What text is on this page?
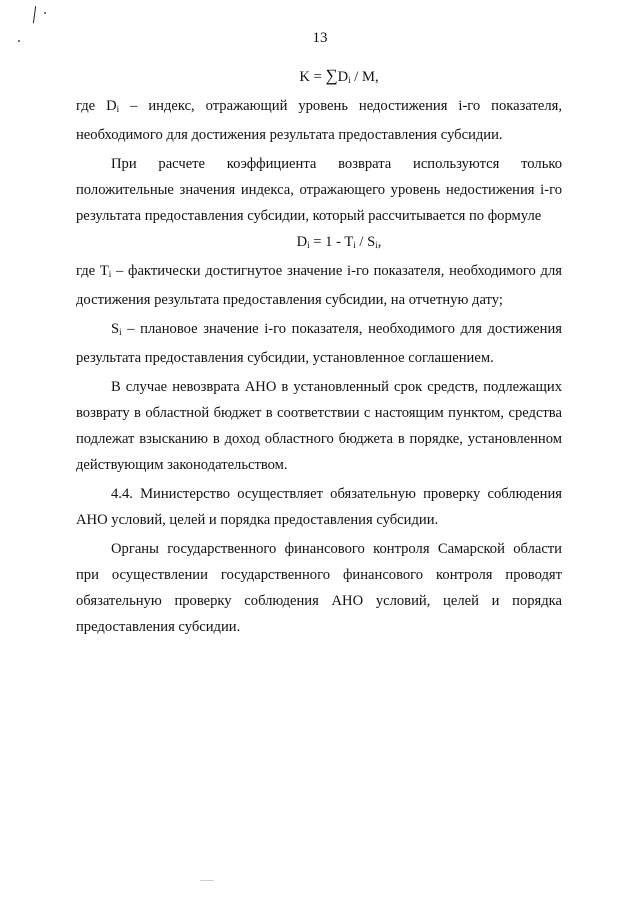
╲
13
$K = \sum D_i / M$,

где $D_i$ – индекс, отражающий уровень недостижения i-го показателя, необходимого для достижения результата предоставления субсидии.

При расчете коэффициента возврата используются только положительные значения индекса, отражающего уровень недостижения i-го результата предоставления субсидии, который рассчитывается по формуле

$D_i = 1 - T_i / S_i$,

где $T_i$ – фактически достигнутое значение i-го показателя, необходимого для достижения результата предоставления субсидии, на отчетную дату;

$S_i$ – плановое значение i-го показателя, необходимого для достижения результата предоставления субсидии, установленное соглашением.

В случае невозврата АНО в установленный срок средств, подлежащих возврату в областной бюджет в соответствии с настоящим пунктом, средства подлежат взысканию в доход областного бюджета в порядке, установленном действующим законодательством.

4.4. Министерство осуществляет обязательную проверку соблюдения АНО условий, целей и порядка предоставления субсидии.

Органы государственного финансового контроля Самарской области при осуществлении государственного финансового контроля проводят обязательную проверку соблюдения АНО условий, целей и порядка предоставления субсидии.
